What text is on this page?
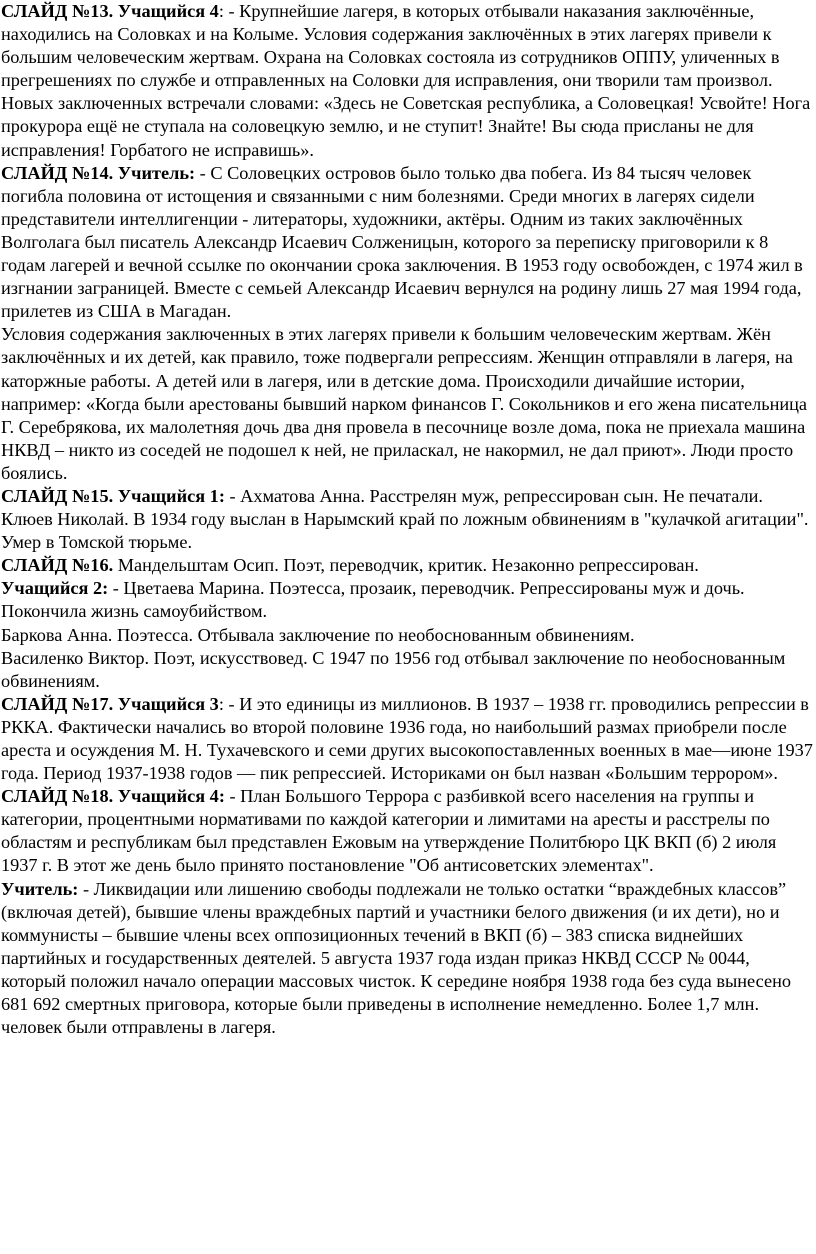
СЛАЙД №13. Учащийся 4: - Крупнейшие лагеря, в которых отбывали наказания заключённые, находились на Соловках и на Колыме. Условия содержания заключённых в этих лагерях привели к большим человеческим жертвам. Охрана на Соловках состояла из сотрудников ОППУ, уличенных в прегрешениях по службе и отправленных на Соловки для исправления, они творили там произвол. Новых заключенных встречали словами: «Здесь не Советская республика, а Соловецкая! Усвойте! Нога прокурора ещё не ступала на соловецкую землю, и не ступит! Знайте! Вы сюда присланы не для исправления! Горбатого не исправишь».

СЛАЙД №14. Учитель: - С Соловецких островов было только два побега. Из 84 тысяч человек погибла половина от истощения и связанными с ним болезнями. Среди многих в лагерях сидели представители интеллигенции - литераторы, художники, актёры. Одним из таких заключённых Волголага был писатель Александр Исаевич Солженицын, которого за переписку приговорили к 8 годам лагерей и вечной ссылке по окончании срока заключения. В 1953 году освобожден, с 1974 жил в изгнании заграницей. Вместе с семьей Александр Исаевич вернулся на родину лишь 27 мая 1994 года, прилетев из США в Магадан.

Условия содержания заключенных в этих лагерях привели к большим человеческим жертвам. Жён заключённых и их детей, как правило, тоже подвергали репрессиям. Женщин отправляли в лагеря, на каторжные работы. А детей или в лагеря, или в детские дома. Происходили дичайшие истории, например: «Когда были арестованы бывший нарком финансов Г. Сокольников и его жена писательница Г. Серебрякова, их малолетняя дочь два дня провела в песочнице возле дома, пока не приехала машина НКВД – никто из соседей не подошел к ней, не приласкал, не накормил, не дал приют». Люди просто боялись.

СЛАЙД №15. Учащийся 1: - Ахматова Анна. Расстрелян муж, репрессирован сын. Не печатали.

Клюев Николай. В 1934 году выслан в Нарымский край по ложным обвинениям в "кулачкой агитации". Умер в Томской тюрьме.

СЛАЙД №16. Мандельштам Осип. Поэт, переводчик, критик. Незаконно репрессирован.

Учащийся 2: - Цветаева Марина. Поэтесса, прозаик, переводчик. Репрессированы муж и дочь. Покончила жизнь самоубийством.

Баркова Анна. Поэтесса. Отбывала заключение по необоснованным обвинениям.

Василенко Виктор. Поэт, искусствовед. С 1947 по 1956 год отбывал заключение по необоснованным обвинениям.

СЛАЙД №17. Учащийся 3: - И это единицы из миллионов. В 1937 – 1938 гг. проводились репрессии в РККА. Фактически начались во второй половине 1936 года, но наибольший размах приобрели после ареста и осуждения М. Н. Тухачевского и семи других высокопоставленных военных в мае—июне 1937 года. Период 1937-1938 годов — пик репрессией. Историками он был назван «Большим террором».

СЛАЙД №18. Учащийся 4: - План Большого Террора с разбивкой всего населения на группы и категории, процентными нормативами по каждой категории и лимитами на аресты и расстрелы по областям и республикам был представлен Ежовым на утверждение Политбюро ЦК ВКП (б) 2 июля 1937 г. В этот же день было принято постановление "Об антисоветских элементах".

Учитель: - Ликвидации или лишению свободы подлежали не только остатки “враждебных классов” (включая детей), бывшие члены враждебных партий и участники белого движения (и их дети), но и коммунисты – бывшие члены всех оппозиционных течений в ВКП (б) – 383 списка виднейших партийных и государственных деятелей. 5 августа 1937 года издан приказ НКВД СССР № 0044, который положил начало операции массовых чисток. К середине ноября 1938 года без суда вынесено 681 692 смертных приговора, которые были приведены в исполнение немедленно. Более 1,7 млн. человек были отправлены в лагеря.
